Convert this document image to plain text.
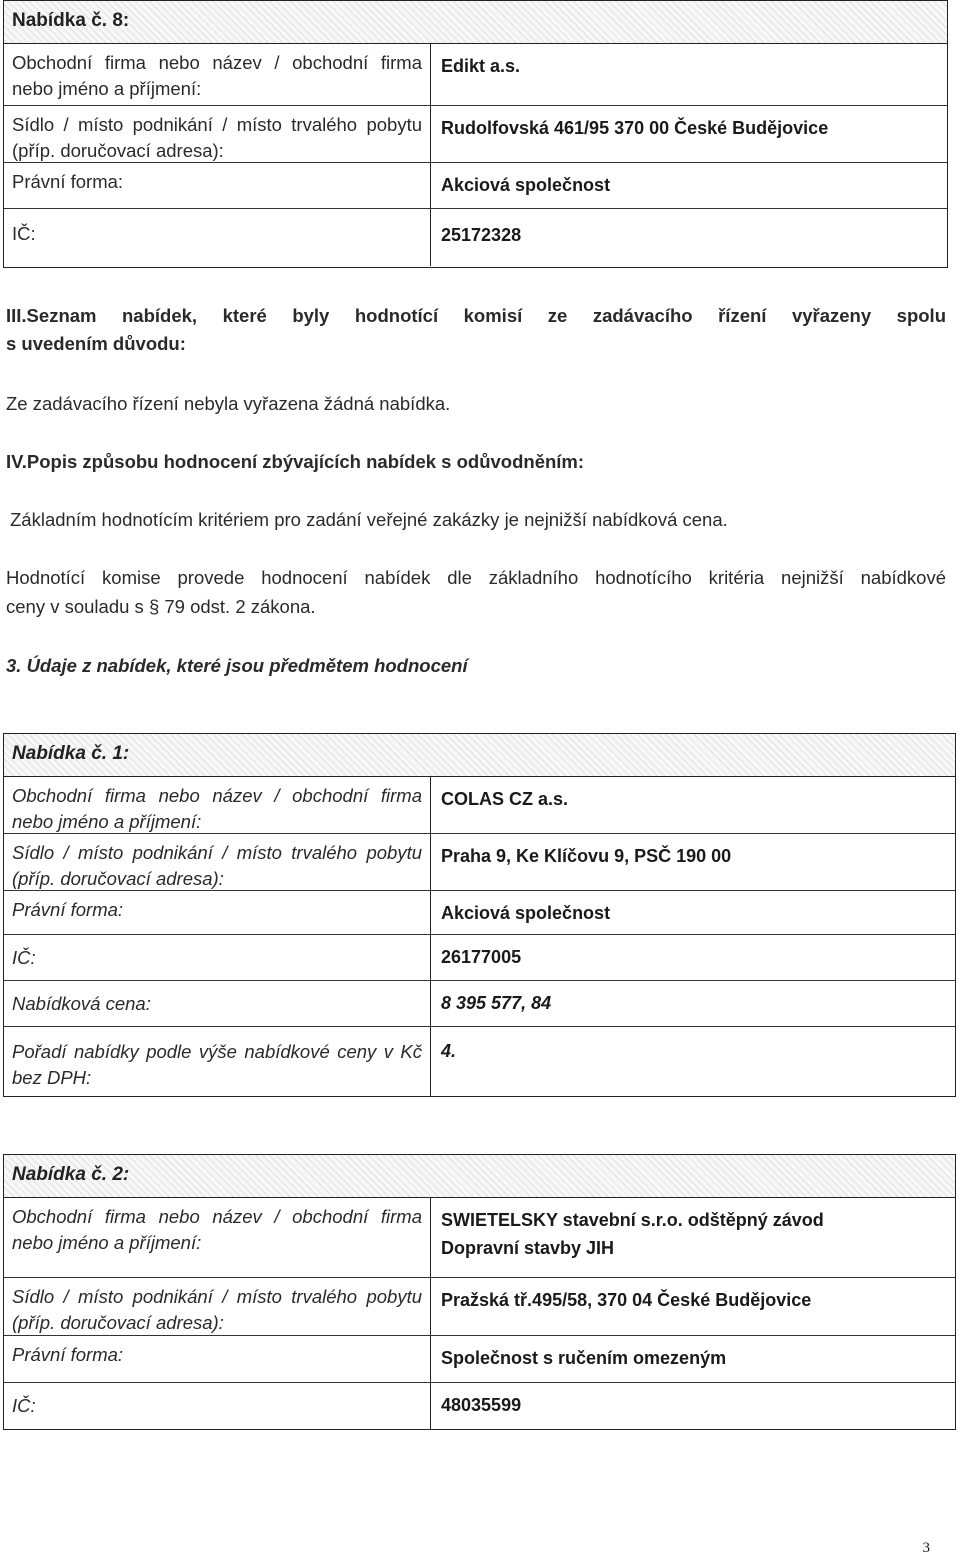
Nabídka č. 8:
Obchodní firma nebo název / obchodní firma nebo jméno a příjmení:
Edikt a.s.
Sídlo / místo podnikání / místo trvalého pobytu (příp. doručovací adresa):
Rudolfovská 461/95 370 00 České Budějovice
Právní forma:	Akciová společnost
IČ:	25172328
III.Seznam nabídek, které byly hodnotící komisí ze zadávacího řízení vyřazeny spolu
s uvedením důvodu:
Ze zadávacího řízení nebyla vyřazena žádná nabídka.
IV.Popis způsobu hodnocení zbývajících nabídek s odůvodněním:
Základním hodnotícím kritériem pro zadání veřejné zakázky je nejnižší nabídková cena.
Hodnotící komise provede hodnocení nabídek dle základního hodnotícího kritéria nejnižší nabídkové
ceny v souladu s § 79 odst. 2 zákona.
3. Údaje z nabídek, které jsou předmětem hodnocení
Nabídka č. 1:
Obchodní firma nebo název / obchodní firma nebo jméno a příjmení:
COLAS CZ a.s.
Sídlo / místo podnikání / místo trvalého pobytu (příp. doručovací adresa):
Praha 9, Ke Klíčovu 9, PSČ 190 00
Právní forma:	Akciová společnost
IČ:	26177005
Nabídková cena:	8 395 577, 84
Pořadí nabídky podle výše nabídkové ceny v Kč bez DPH:
4.
Nabídka č. 2:
Obchodní firma nebo název / obchodní firma nebo jméno a příjmení:
SWIETELSKY stavební s.r.o. odštěpný závod
Dopravní stavby JIH
Sídlo / místo podnikání / místo trvalého pobytu (příp. doručovací adresa):
Pražská tř.495/58, 370 04 České Budějovice
Právní forma:	Společnost s ručením omezeným
IČ:	48035599
3
